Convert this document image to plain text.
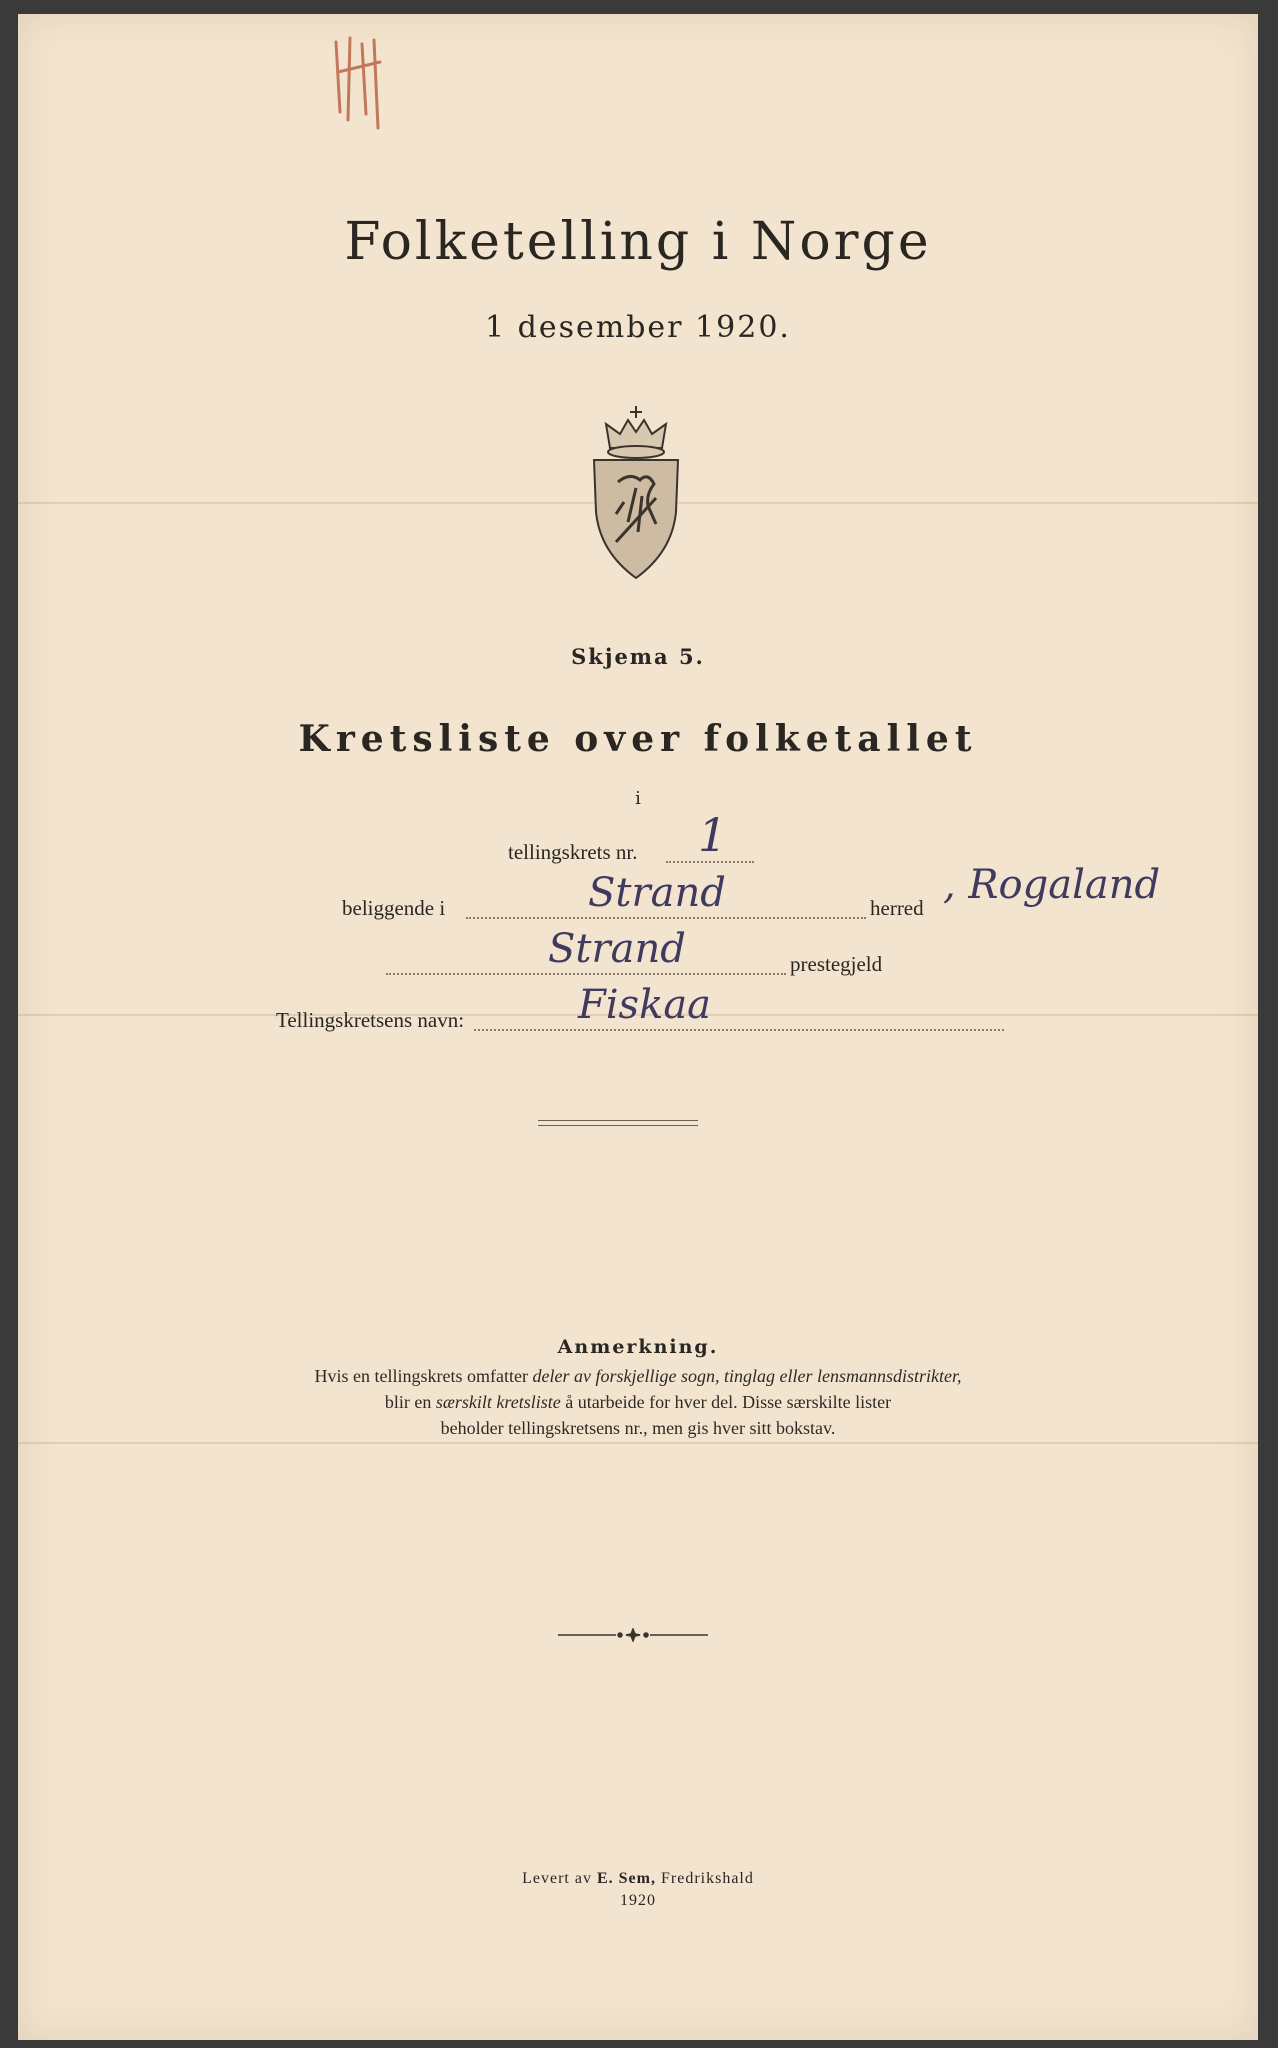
Folketelling i Norge
1 desember 1920.
Skjema 5.
Kretsliste over folketallet
i
tellingskrets nr. 1
beliggende i	Strand	herred , Rogaland
Strand	prestegjeld
Tellingskretsens navn:	Fiskaa
Anmerkning.
Hvis en tellingskrets omfatter deler av forskjellige sogn, tinglag eller lensmannsdistrikter,
blir en særskilt kretsliste å utarbeide for hver del. Disse særskilte lister
beholder tellingskretsens nr., men gis hver sitt bokstav.
Levert av E. Sem, Fredrikshald
1920
